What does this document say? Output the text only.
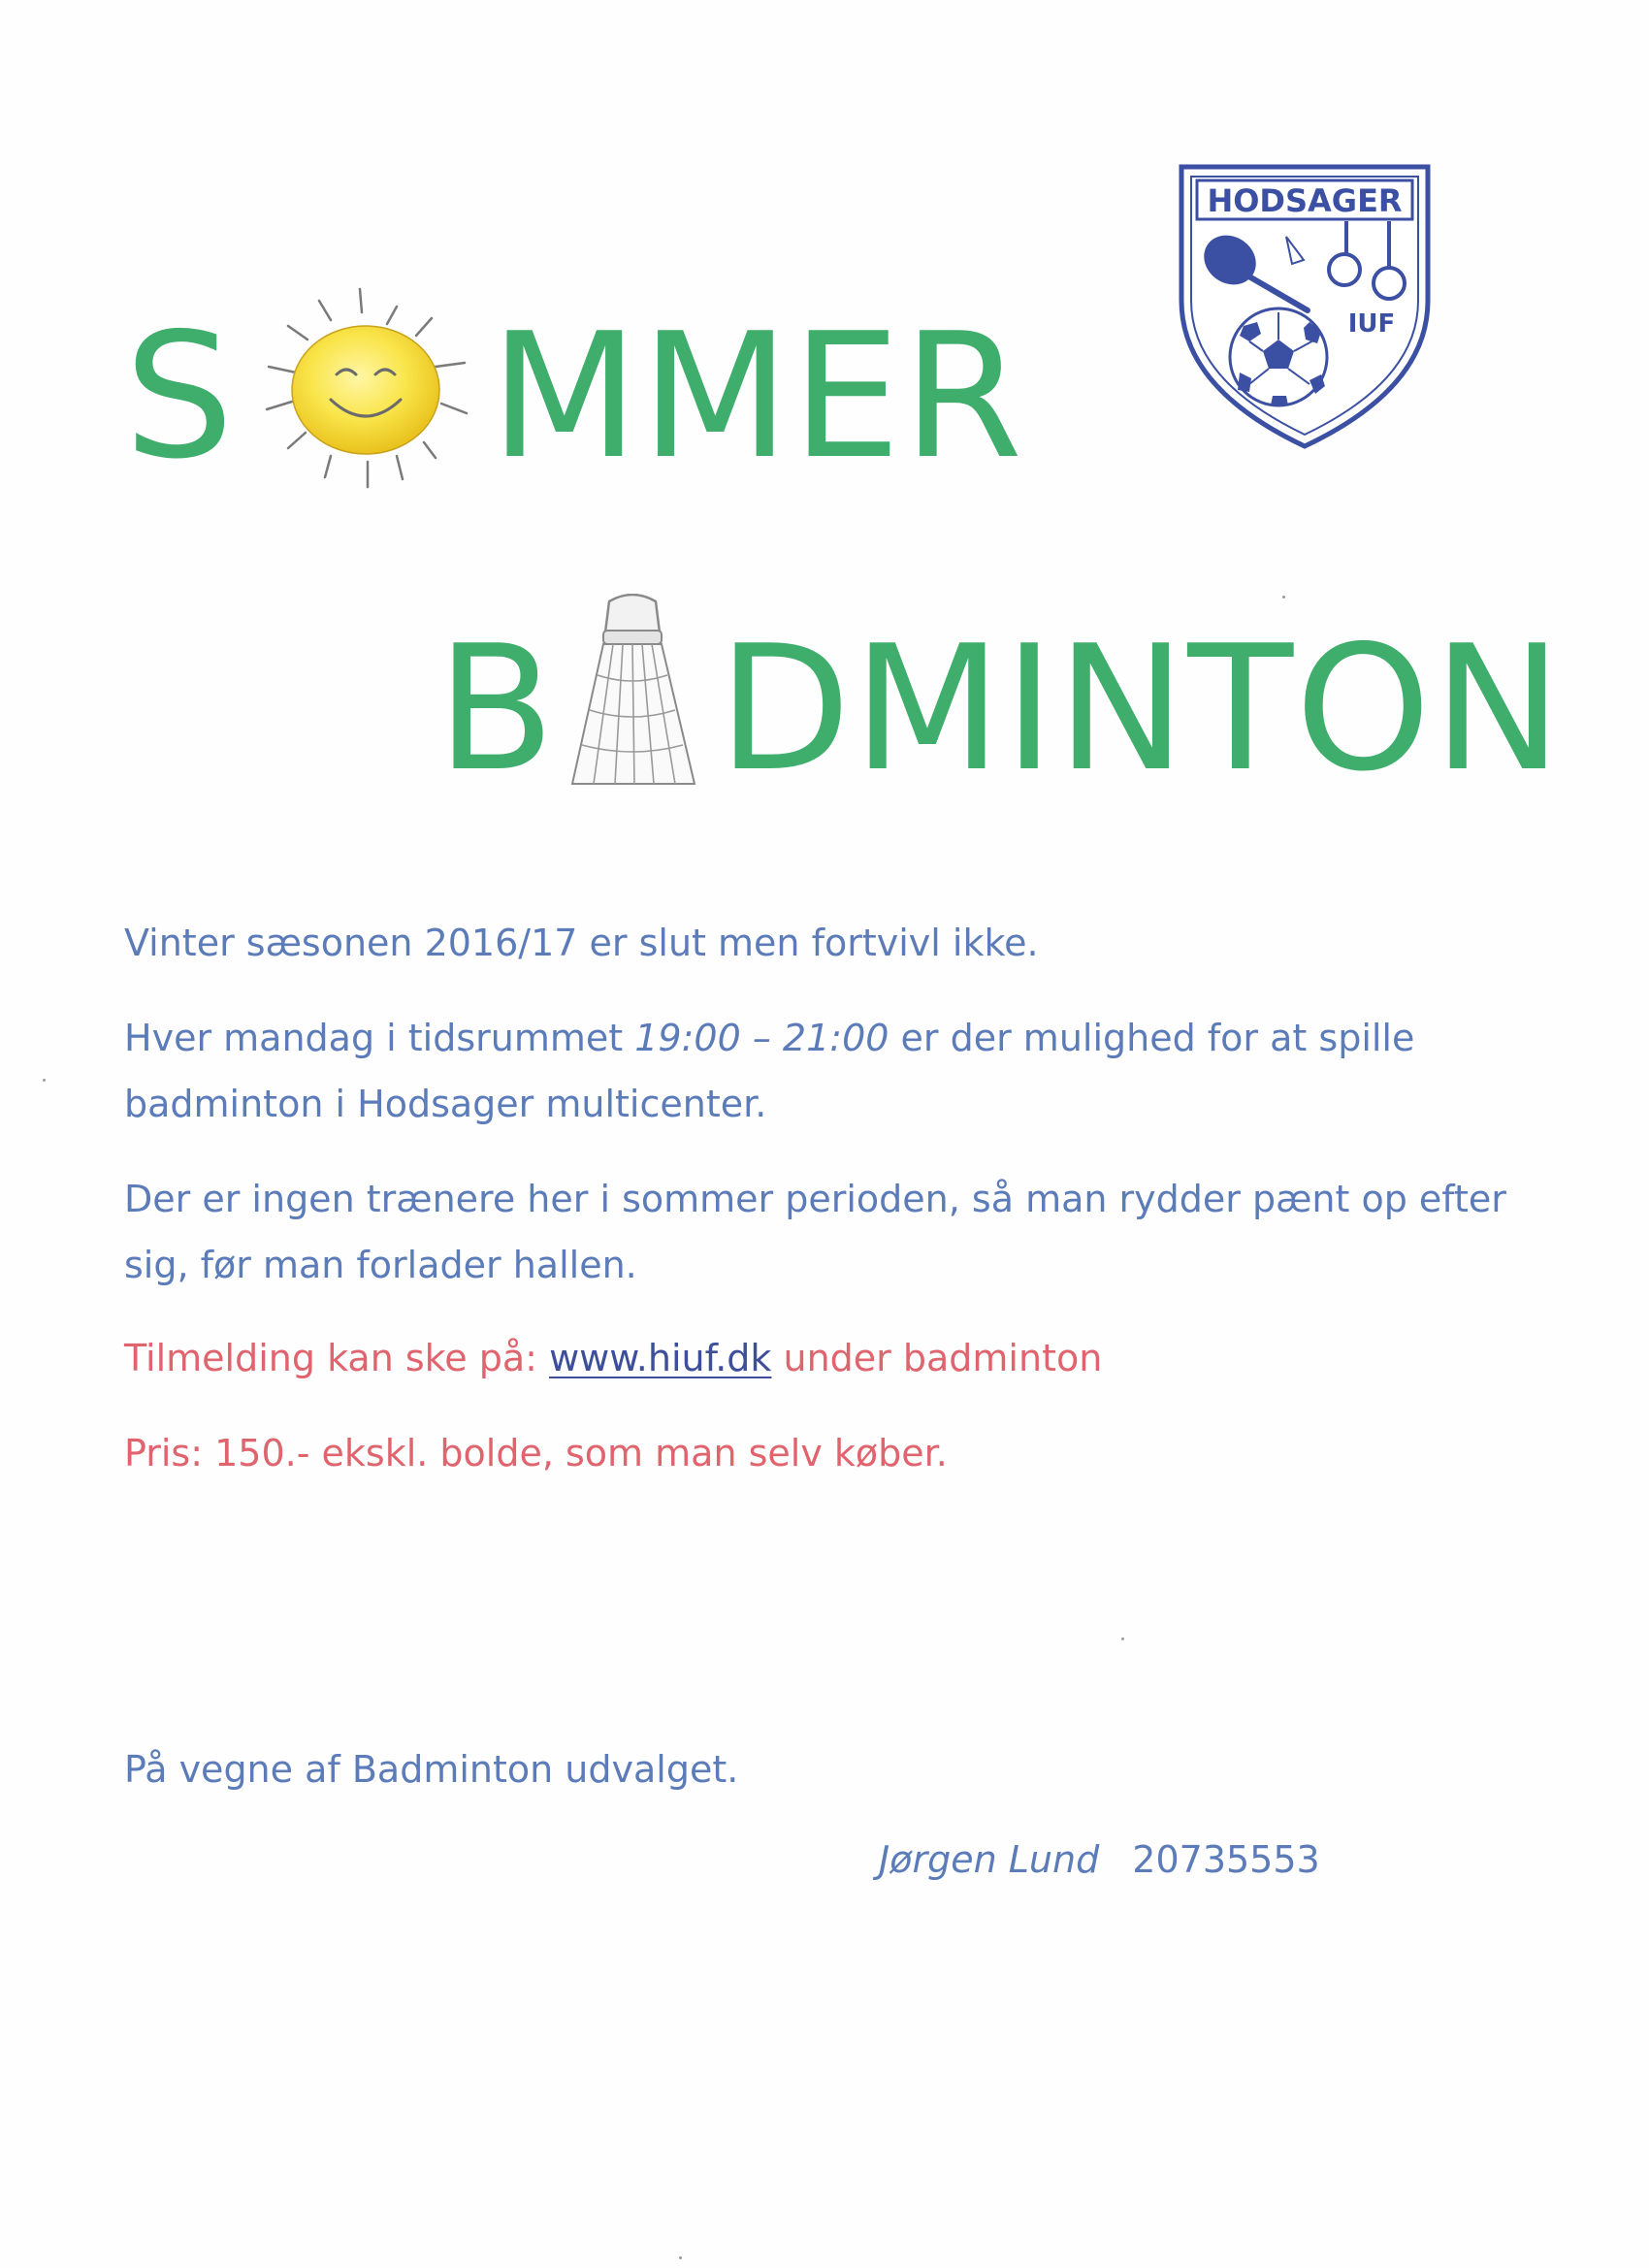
S MMER
HODSAGER
IUF
B DMINTON

Vinter sæsonen 2016/17 er slut men fortvivl ikke.

Hver mandag i tidsrummet 19:00 – 21:00 er der mulighed for at spille badminton i Hodsager multicenter.

Der er ingen trænere her i sommer perioden, så man rydder pænt op efter sig, før man forlader hallen.

Tilmelding kan ske på: www.hiuf.dk under badminton

Pris: 150.- ekskl. bolde, som man selv køber.

På vegne af Badminton udvalget.

Jørgen Lund 20735553
